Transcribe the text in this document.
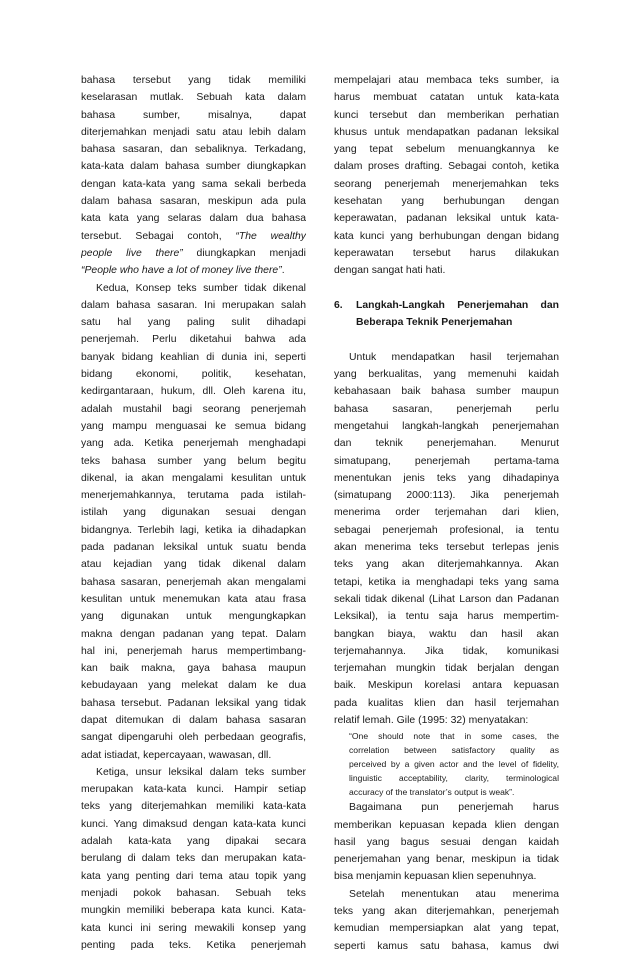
bahasa tersebut yang tidak memiliki
keselarasan mutlak. Sebuah kata dalam
bahasa sumber, misalnya, dapat
diterjemahkan menjadi satu atau lebih dalam
bahasa sasaran, dan sebaliknya. Terkadang,
kata-kata dalam bahasa sumber diungkapkan
dengan kata-kata yang sama sekali berbeda
dalam bahasa sasaran, meskipun ada pula
kata kata yang selaras dalam dua bahasa
tersebut. Sebagai contoh, “The wealthy
people live there” diungkapkan menjadi
“People who have a lot of money live there”.
Kedua, Konsep teks sumber tidak dikenal
dalam bahasa sasaran. Ini merupakan salah
satu hal yang paling sulit dihadapi
penerjemah. Perlu diketahui bahwa ada
banyak bidang keahlian di dunia ini, seperti
bidang ekonomi, politik, kesehatan,
kedirgantaraan, hukum, dll. Oleh karena itu,
adalah mustahil bagi seorang penerjemah
yang mampu menguasai ke semua bidang
yang ada. Ketika penerjemah menghadapi
teks bahasa sumber yang belum begitu
dikenal, ia akan mengalami kesulitan untuk
menerjemahkannya, terutama pada istilah-
istilah yang digunakan sesuai dengan
bidangnya. Terlebih lagi, ketika ia dihadapkan
pada padanan leksikal untuk suatu benda
atau kejadian yang tidak dikenal dalam
bahasa sasaran, penerjemah akan mengalami
kesulitan untuk menemukan kata atau frasa
yang digunakan untuk mengungkapkan
makna dengan padanan yang tepat. Dalam
hal ini, penerjemah harus mempertimbang-
kan baik makna, gaya bahasa maupun
kebudayaan yang melekat dalam ke dua
bahasa tersebut. Padanan leksikal yang tidak
dapat ditemukan di dalam bahasa sasaran
sangat dipengaruhi oleh perbedaan geografis,
adat istiadat, kepercayaan, wawasan, dll.
Ketiga, unsur leksikal dalam teks sumber
merupakan kata-kata kunci. Hampir setiap
teks yang diterjemahkan memiliki kata-kata
kunci. Yang dimaksud dengan kata-kata kunci
adalah kata-kata yang dipakai secara
berulang di dalam teks dan merupakan kata-
kata yang penting dari tema atau topik yang
menjadi pokok bahasan. Sebuah teks
mungkin memiliki beberapa kata kunci. Kata-
kata kunci ini sering mewakili konsep yang
penting pada teks. Ketika penerjemah
mempelajari atau membaca teks sumber, ia
harus membuat catatan untuk kata-kata
kunci tersebut dan memberikan perhatian
khusus untuk mendapatkan padanan leksikal
yang tepat sebelum menuangkannya ke
dalam proses drafting. Sebagai contoh, ketika
seorang penerjemah menerjemahkan teks
kesehatan yang berhubungan dengan
keperawatan, padanan leksikal untuk kata-
kata kunci yang berhubungan dengan bidang
keperawatan tersebut harus dilakukan
dengan sangat hati hati.
6. Langkah-Langkah Penerjemahan dan
Beberapa Teknik Penerjemahan
Untuk mendapatkan hasil terjemahan
yang berkualitas, yang memenuhi kaidah
kebahasaan baik bahasa sumber maupun
bahasa sasaran, penerjemah perlu
mengetahui langkah-langkah penerjemahan
dan teknik penerjemahan. Menurut
simatupang, penerjemah pertama-tama
menentukan jenis teks yang dihadapinya
(simatupang 2000:113). Jika penerjemah
menerima order terjemahan dari klien,
sebagai penerjemah profesional, ia tentu
akan menerima teks tersebut terlepas jenis
teks yang akan diterjemahkannya. Akan
tetapi, ketika ia menghadapi teks yang sama
sekali tidak dikenal (Lihat Larson dan Padanan
Leksikal), ia tentu saja harus mempertim-
bangkan biaya, waktu dan hasil akan
terjemahannya. Jika tidak, komunikasi
terjemahan mungkin tidak berjalan dengan
baik. Meskipun korelasi antara kepuasan
pada kualitas klien dan hasil terjemahan
relatif lemah. Gile (1995: 32) menyatakan:
“One should note that in some cases, the
correlation between satisfactory quality as
perceived by a given actor and the level of fidelity,
linguistic acceptability, clarity, terminological
accuracy of the translator’s output is weak”.
Bagaimana pun penerjemah harus
memberikan kepuasan kepada klien dengan
hasil yang bagus sesuai dengan kaidah
penerjemahan yang benar, meskipun ia tidak
bisa menjamin kepuasan klien sepenuhnya.
Setelah menentukan atau menerima
teks yang akan diterjemahkan, penerjemah
kemudian mempersiapkan alat yang tepat,
seperti kamus satu bahasa, kamus dwi
